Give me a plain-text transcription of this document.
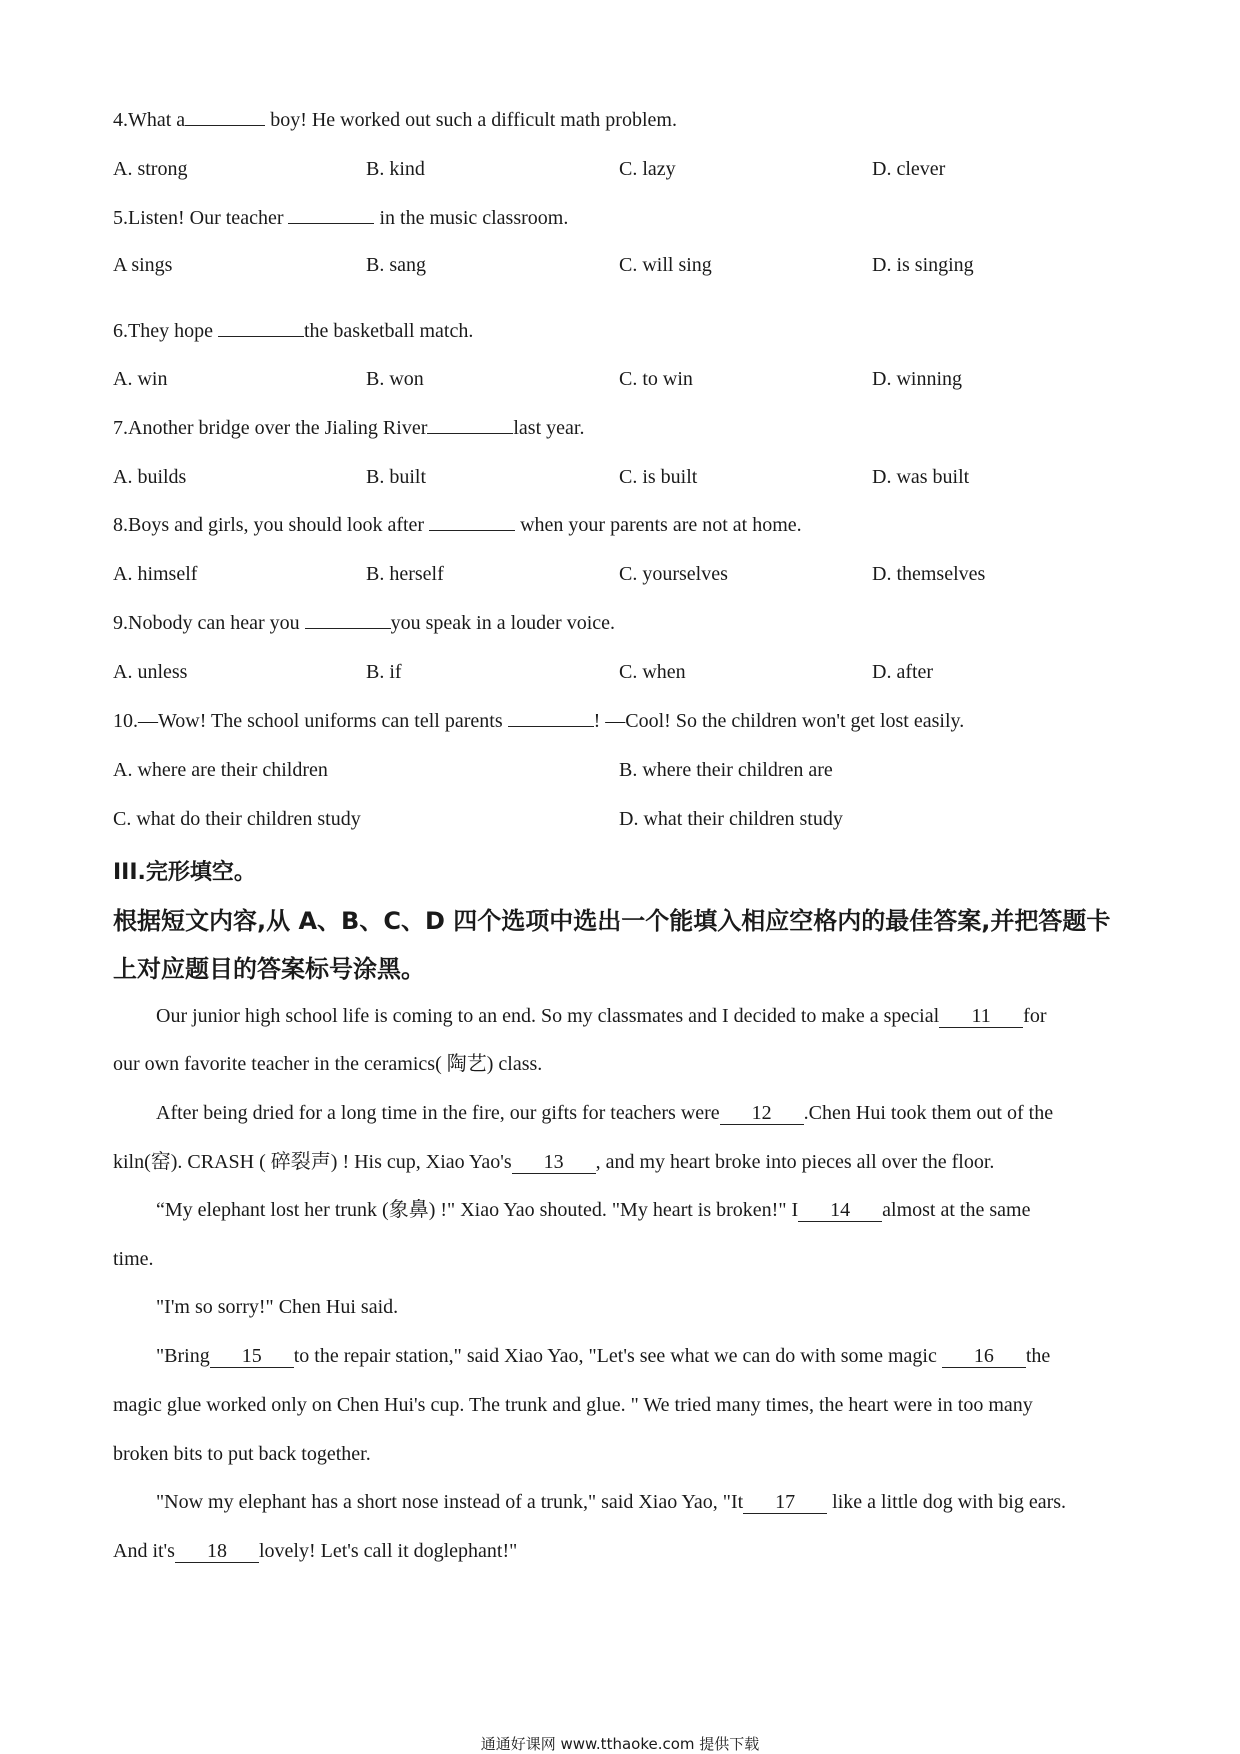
4.What a	boy! He worked out such a difficult math problem.
A. strong	B. kind	C. lazy	D. clever
5.Listen! Our teacher	in the music classroom.
A sings	B. sang	C. will sing	D. is singing
6.They hope	the basketball match.
A. win	B. won	C. to win	D. winning
7.Another bridge over the Jialing River	last year.
A. builds	B. built	C. is built	D. was built
8.Boys and girls, you should look after	when your parents are not at home.
A. himself	B. herself	C. yourselves	D. themselves
9.Nobody can hear you	you speak in a louder voice.
A. unless	B. if	C. when	D. after
10.—Wow! The school uniforms can tell parents	! —Cool! So the children won't get lost easily.
A. where are their children	B. where their children are
C. what do their children study	D. what their children study
III.完形填空。
根据短文内容,从 A、B、C、D 四个选项中选出一个能填入相应空格内的最佳答案,并把答题卡
上对应题目的答案标号涂黑。
Our junior high school life is coming to an end. So my classmates and I decided to make a special 11 for
our own favorite teacher in the ceramics( 陶艺) class.
After being dried for a long time in the fire, our gifts for teachers were 12 .Chen Hui took them out of the
kiln(窑). CRASH ( 碎裂声) ! His cup, Xiao Yao's 13 , and my heart broke into pieces all over the floor.
“My elephant lost her trunk (象鼻) !" Xiao Yao shouted. "My heart is broken!" I 14 almost at the same
time.
"I'm so sorry!" Chen Hui said.
"Bring 15 to the repair station," said Xiao Yao, "Let's see what we can do with some magic 16 the
magic glue worked only on Chen Hui's cup. The trunk and glue. " We tried many times, the heart were in too many
broken bits to put back together.
"Now my elephant has a short nose instead of a trunk," said Xiao Yao, "It 17 like a little dog with big ears.
And it's 18 lovely! Let's call it doglephant!"
通通好课网 www.tthaoke.com 提供下载
